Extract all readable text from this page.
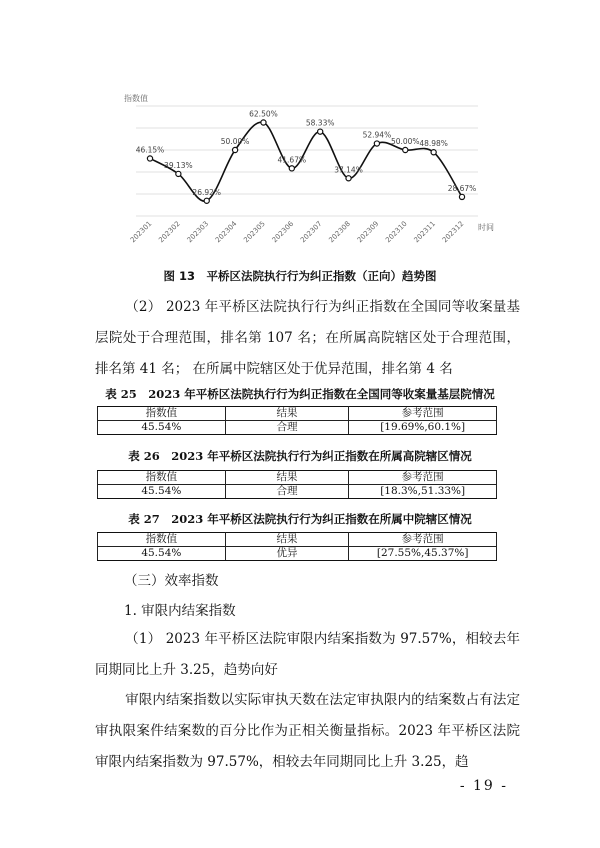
指数值
时间
46.15%
39.13%
26.92%
50.00%
62.50%
41.67%
58.33%
37.14%
52.94%
50.00% 48.98%
28.67%
202301 202302 202303 202304 202305 202306 202307 202308 202309 202310 202311 202312
图 13　平桥区法院执行行为纠正指数（正向）趋势图
（2） 2023 年平桥区法院执行行为纠正指数在全国同等收案量基层院处于合理范围，排名第 107 名；在所属高院辖区处于合理范围，排名第 41 名； 在所属中院辖区处于优异范围，排名第 4 名
表 25　2023 年平桥区法院执行行为纠正指数在全国同等收案量基层院情况
指数值	结果	参考范围
45.54%	合理	[19.69%,60.1%]
表 26　2023 年平桥区法院执行行为纠正指数在所属高院辖区情况
指数值	结果	参考范围
45.54%	合理	[18.3%,51.33%]
表 27　2023 年平桥区法院执行行为纠正指数在所属中院辖区情况
指数值	结果	参考范围
45.54%	优异	[27.55%,45.37%]
（三）效率指数
1. 审限内结案指数
（1） 2023 年平桥区法院审限内结案指数为 97.57%，相较去年同期同比上升 3.25，趋势向好
审限内结案指数以实际审执天数在法定审执限内的结案数占有法定审执限案件结案数的百分比作为正相关衡量指标。2023 年平桥区法院审限内结案指数为 97.57%，相较去年同期同比上升 3.25，趋
- 19 -
